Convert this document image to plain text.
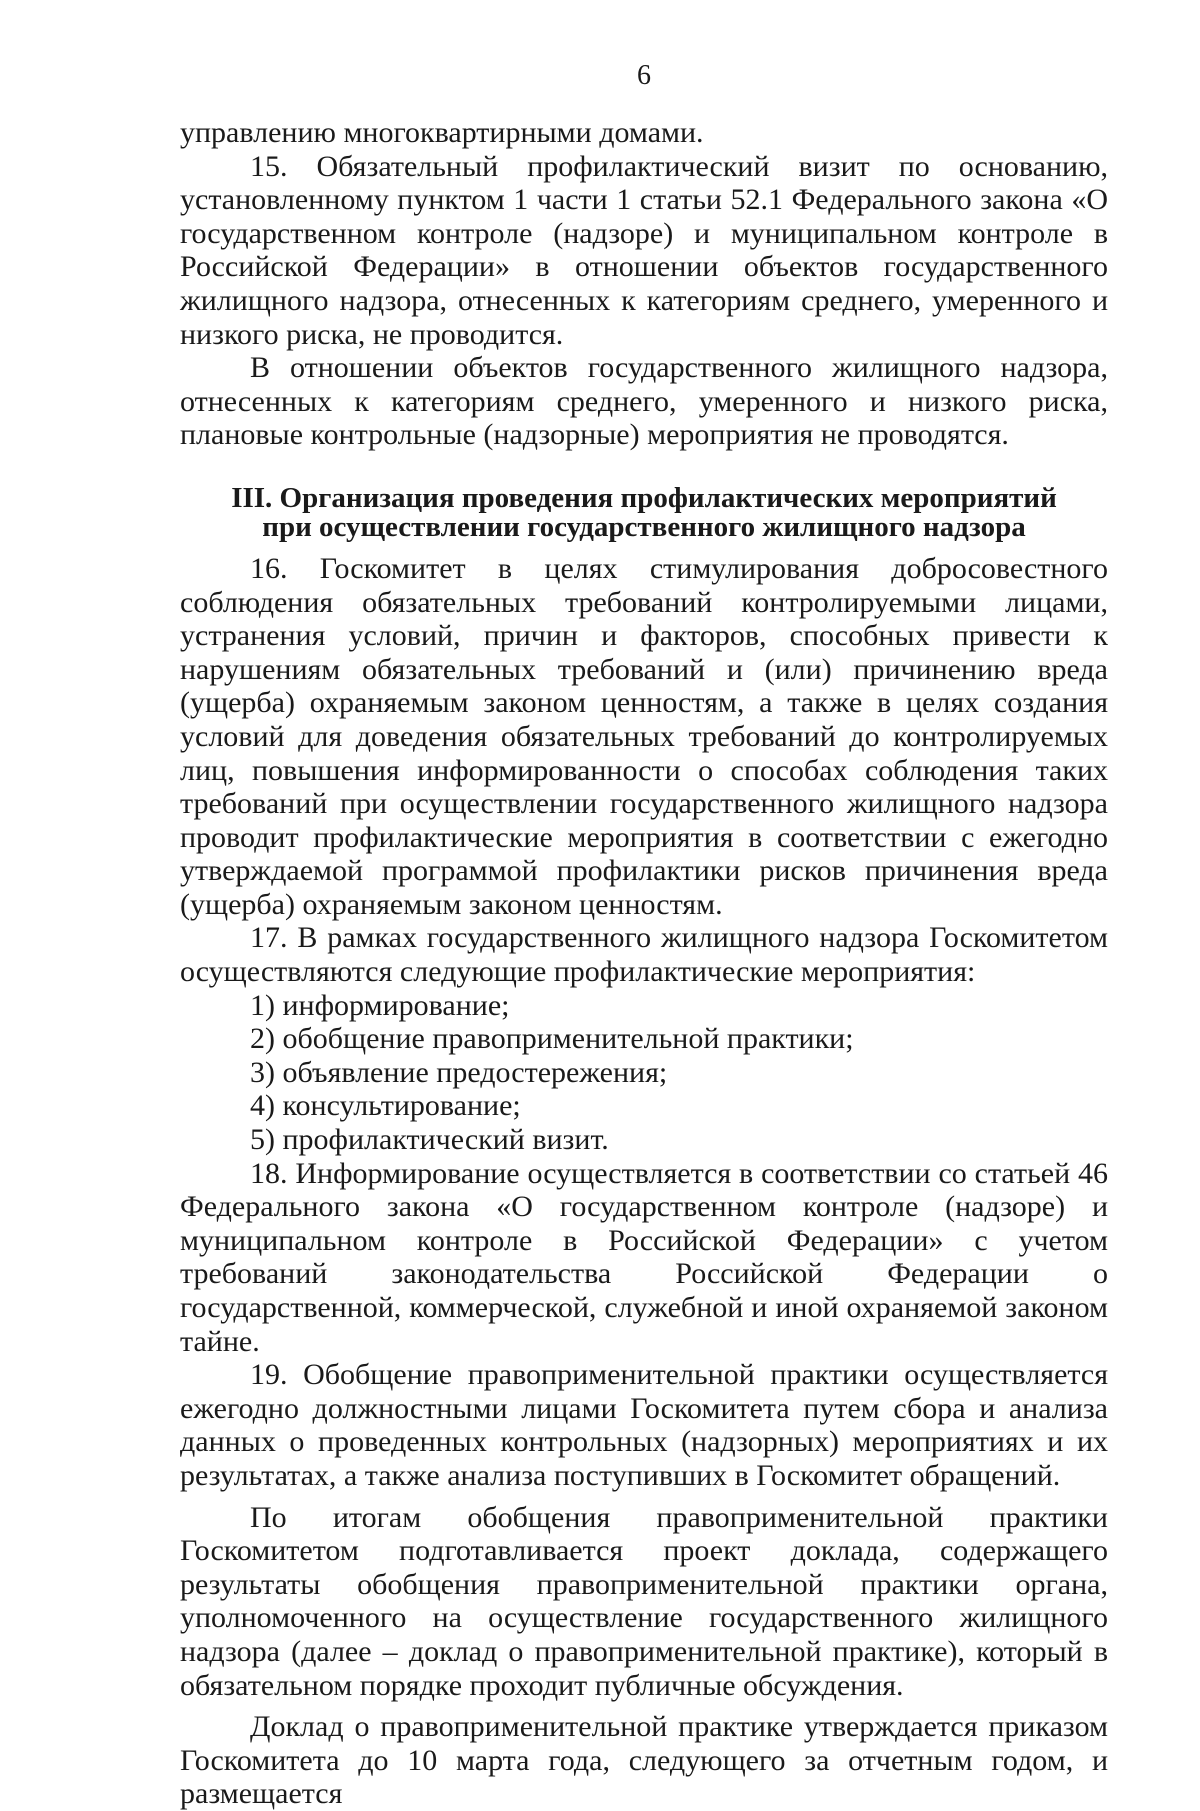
6

управлению многоквартирными домами.

15. Обязательный профилактический визит по основанию, установленному пунктом 1 части 1 статьи 52.1 Федерального закона «О государственном контроле (надзоре) и муниципальном контроле в Российской Федерации» в отношении объектов государственного жилищного надзора, отнесенных к категориям среднего, умеренного и низкого риска, не проводится.

В отношении объектов государственного жилищного надзора, отнесенных к категориям среднего, умеренного и низкого риска, плановые контрольные (надзорные) мероприятия не проводятся.

III. Организация проведения профилактических мероприятий
при осуществлении государственного жилищного надзора

16. Госкомитет в целях стимулирования добросовестного соблюдения обязательных требований контролируемыми лицами, устранения условий, причин и факторов, способных привести к нарушениям обязательных требований и (или) причинению вреда (ущерба) охраняемым законом ценностям, а также в целях создания условий для доведения обязательных требований до контролируемых лиц, повышения информированности о способах соблюдения таких требований при осуществлении государственного жилищного надзора проводит профилактические мероприятия в соответствии с ежегодно утверждаемой программой профилактики рисков причинения вреда (ущерба) охраняемым законом ценностям.

17. В рамках государственного жилищного надзора Госкомитетом осуществляются следующие профилактические мероприятия:

1) информирование;

2) обобщение правоприменительной практики;

3) объявление предостережения;

4) консультирование;

5) профилактический визит.

18. Информирование осуществляется в соответствии со статьей 46 Федерального закона «О государственном контроле (надзоре) и муниципальном контроле в Российской Федерации» с учетом требований законодательства Российской Федерации о государственной, коммерческой, служебной и иной охраняемой законом тайне.

19. Обобщение правоприменительной практики осуществляется ежегодно должностными лицами Госкомитета путем сбора и анализа данных о проведенных контрольных (надзорных) мероприятиях и их результатах, а также анализа поступивших в Госкомитет обращений.

По итогам обобщения правоприменительной практики Госкомитетом подготавливается проект доклада, содержащего результаты обобщения правоприменительной практики органа, уполномоченного на осуществление государственного жилищного надзора (далее – доклад о правоприменительной практике), который в обязательном порядке проходит публичные обсуждения.

Доклад о правоприменительной практике утверждается приказом Госкомитета до 10 марта года, следующего за отчетным годом, и размещается
